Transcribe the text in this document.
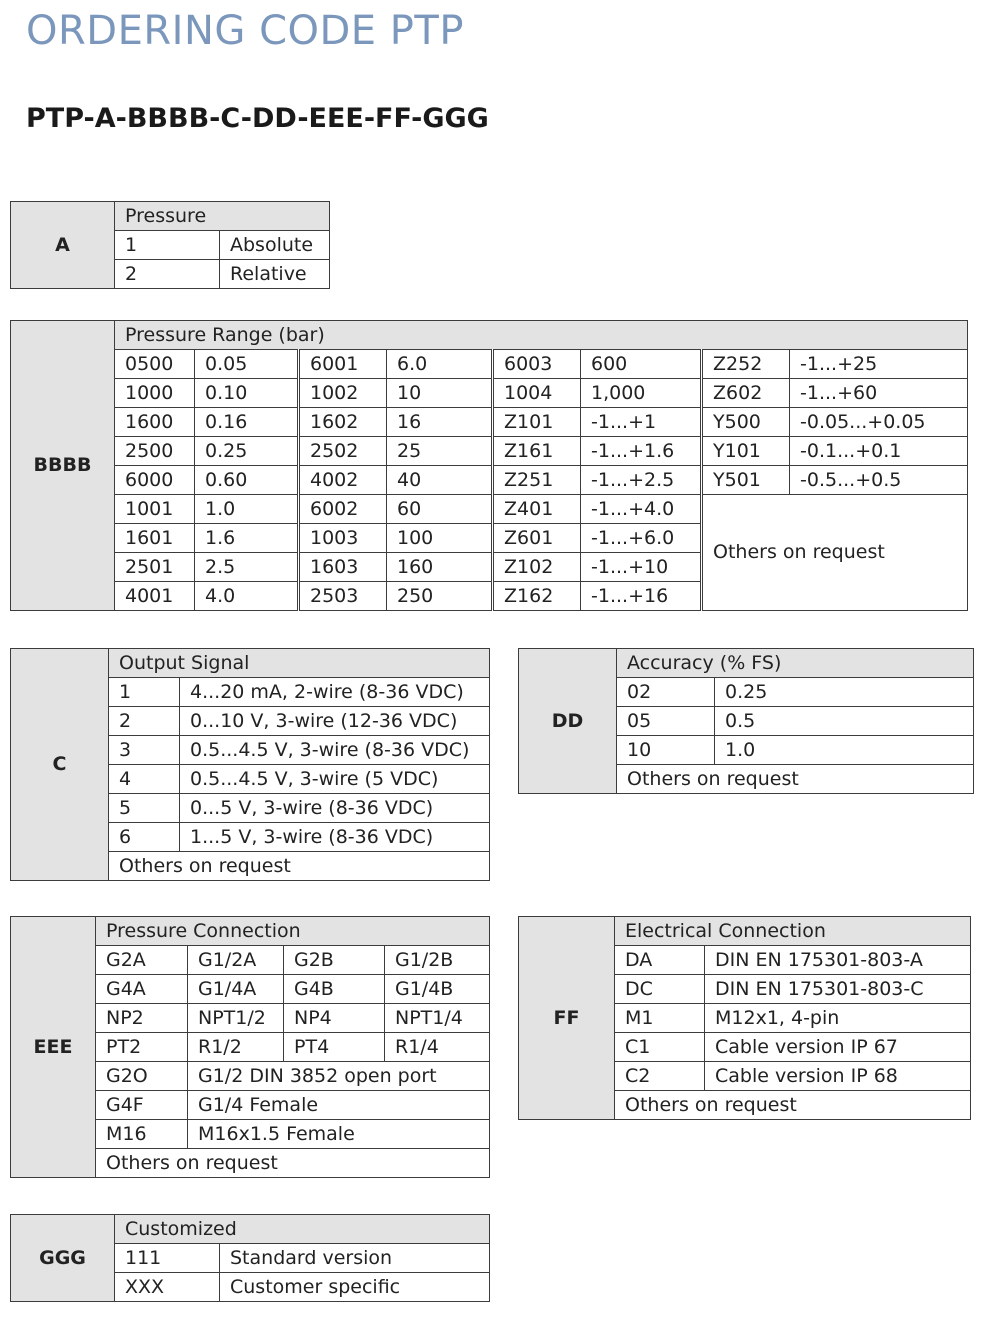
ORDERING CODE PTP
PTP-A-BBBB-C-DD-EEE-FF-GGG
A	Pressure	
	1	Absolute
	2	Relative
BBBB	Pressure Range (bar)							
	0500	0.05	6001	6.0	6003	600	Z252	-1...+25
	1000	0.10	1002	10	1004	1,000	Z602	-1...+60
	1600	0.16	1602	16	Z101	-1...+1	Y500	-0.05...+0.05
	2500	0.25	2502	25	Z161	-1...+1.6	Y101	-0.1...+0.1
	6000	0.60	4002	40	Z251	-1...+2.5	Y501	-0.5...+0.5
	1001	1.0	6002	60	Z401	-1...+4.0	Others on request	
	1601	1.6	1003	100	Z601	-1...+6.0		
	2501	2.5	1603	160	Z102	-1...+10		
	4001	4.0	2503	250	Z162	-1...+16		
C	Output Signal	
	1	4...20 mA, 2-wire (8-36 VDC)
	2	0...10 V, 3-wire (12-36 VDC)
	3	0.5...4.5 V, 3-wire (8-36 VDC)
	4	0.5...4.5 V, 3-wire (5 VDC)
	5	0...5 V, 3-wire (8-36 VDC)
	6	1...5 V, 3-wire (8-36 VDC)
	Others on request	
DD	Accuracy (% FS)	
	02	0.25
	05	0.5
	10	1.0
	Others on request	
EEE	Pressure Connection			
	G2A	G1/2A	G2B	G1/2B
	G4A	G1/4A	G4B	G1/4B
	NP2	NPT1/2	NP4	NPT1/4
	PT2	R1/2	PT4	R1/4
	G2O	G1/2 DIN 3852 open port		
	G4F	G1/4 Female		
	M16	M16x1.5 Female		
	Others on request			
FF	Electrical Connection	
	DA	DIN EN 175301-803-A
	DC	DIN EN 175301-803-C
	M1	M12x1, 4-pin
	C1	Cable version IP 67
	C2	Cable version IP 68
	Others on request	
GGG	Customized	
	111	Standard version
	XXX	Customer specific
